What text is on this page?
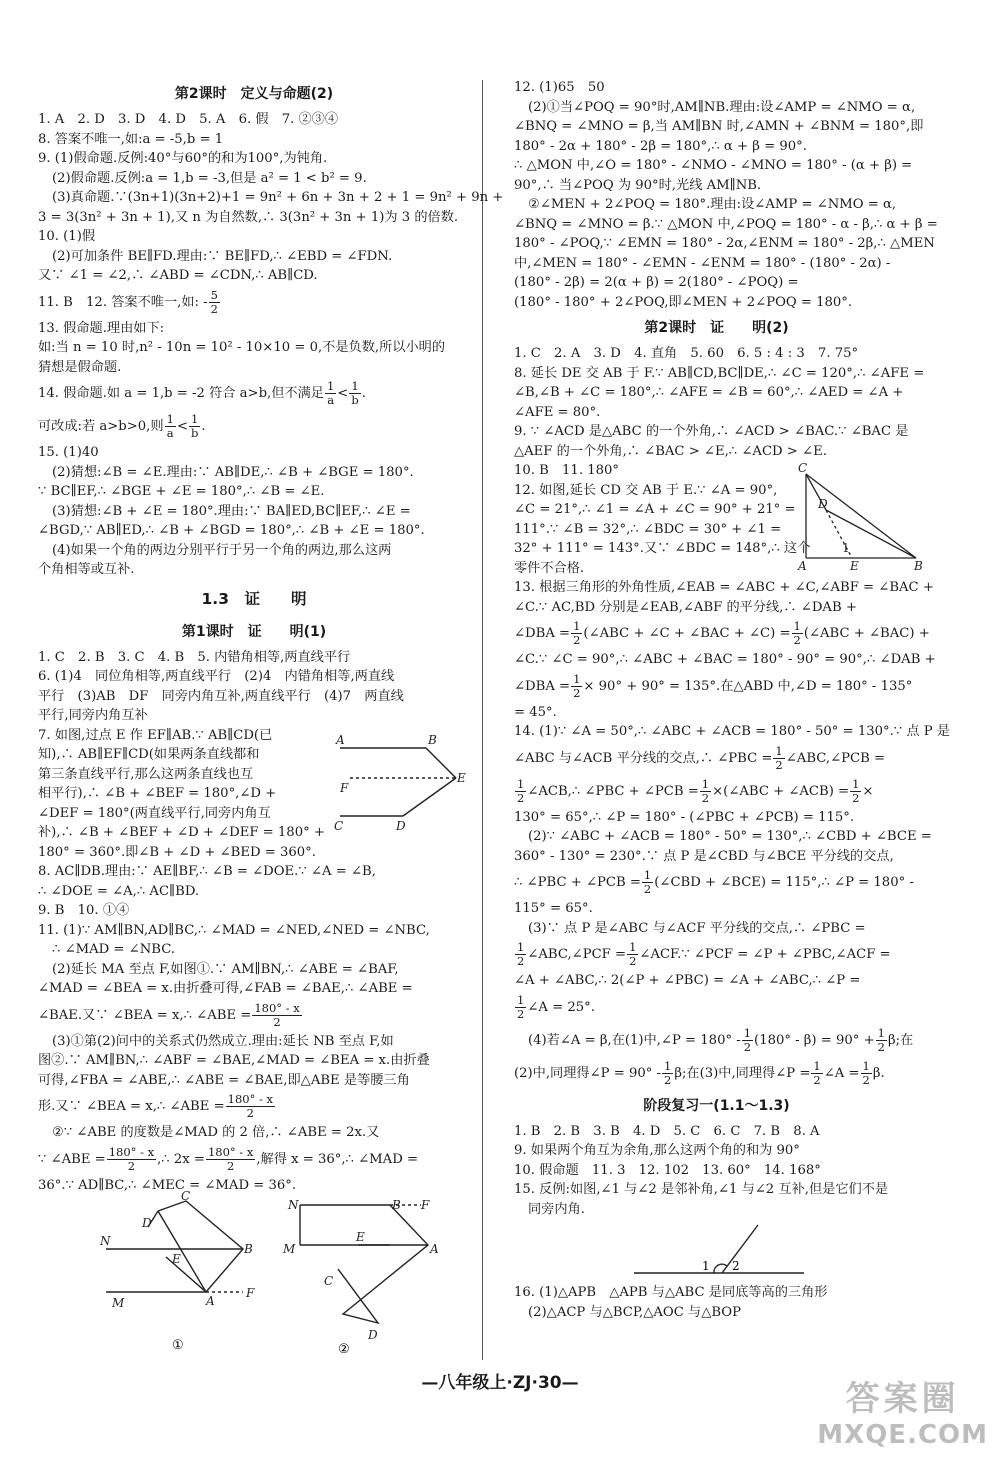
第2课时　定义与命题(2)
1. A　2. D　3. D　4. D　5. A　6. 假　7. ②③④
8. 答案不唯一,如:a = -5,b = 1
9. (1)假命题.反例:40°与60°的和为100°,为钝角.
(2)假命题.反例:a = 1,b = -3,但是 a² = 1 < b² = 9.
(3)真命题.∵(3n+1)(3n+2)+1 = 9n² + 6n + 3n + 2 + 1 = 9n² + 9n +
3 = 3(3n² + 3n + 1),又 n 为自然数,∴ 3(3n² + 3n + 1)为 3 的倍数.
10. (1)假
(2)可加条件 BE∥FD.理由:∵ BE∥FD,∴ ∠EBD = ∠FDN.
又∵ ∠1 = ∠2,∴ ∠ABD = ∠CDN,∴ AB∥CD.
11. B　12. 答案不唯一,如: - $\frac{5}{2}$
13. 假命题.理由如下:
如:当 n = 10 时,n² - 10n = 10² - 10×10 = 0,不是负数,所以小明的
猜想是假命题.
14. 假命题.如 a = 1,b = -2 符合 a>b,但不满足 $\frac{1}{a} < \frac{1}{b}$ .
可改成:若 a>b>0,则 $\frac{1}{a} < \frac{1}{b}$ .
15. (1)40
(2)猜想:∠B = ∠E.理由:∵ AB∥DE,∴ ∠B + ∠BGE = 180°.
∵ BC∥EF,∴ ∠BGE + ∠E = 180°,∴ ∠B = ∠E.
(3)猜想:∠B + ∠E = 180°.理由:∵ BA∥ED,BC∥EF,∴ ∠E =
∠BGD,∵ AB∥ED,∴ ∠B + ∠BGD = 180°,∴ ∠B + ∠E = 180°.
(4)如果一个角的两边分别平行于另一个角的两边,那么这两
个角相等或互补.
1.3　证　　明
第1课时　证　　明(1)
1. C　2. B　3. C　4. B　5. 内错角相等,两直线平行
6. (1)4　同位角相等,两直线平行　(2)4　内错角相等,两直线
平行　(3)AB　DF　同旁内角互补,两直线平行　(4)7　两直线
平行,同旁内角互补
7. 如图,过点 E 作 EF∥AB.∵ AB∥CD(已
知),∴ AB∥EF∥CD(如果两条直线都和
第三条直线平行,那么这两条直线也互
相平行),∴ ∠B + ∠BEF = 180°,∠D +
∠DEF = 180°(两直线平行,同旁内角互
补),∴ ∠B + ∠BEF + ∠D + ∠DEF = 180° +
180° = 360°.即∠B + ∠D + ∠BED = 360°.
8. AC∥DB.理由:∵ AE∥BF,∴ ∠B = ∠DOE.∵ ∠A = ∠B,
∴ ∠DOE = ∠A,∴ AC∥BD.
9. B　10. ①④
11. (1)∵ AM∥BN,AD∥BC,∴ ∠MAD = ∠NED,∠NED = ∠NBC,
∴ ∠MAD = ∠NBC.
(2)延长 MA 至点 F,如图①.∵ AM∥BN,∴ ∠ABE = ∠BAF,
∠MAD = ∠BEA = x.由折叠可得,∠FAB = ∠BAE,∴ ∠ABE =
∠BAE.又∵ ∠BEA = x,∴ ∠ABE = $\frac{180^\circ - x}{2}$
(3)①第(2)问中的关系式仍然成立.理由:延长 NB 至点 F,如
图②.∵ AM∥BN,∴ ∠ABF = ∠BAE,∠MAD = ∠BEA = x.由折叠
可得,∠FBA = ∠ABE,∴ ∠ABE = ∠BAE,即△ABE 是等腰三角
形.又∵ ∠BEA = x,∴ ∠ABE = $\frac{180^\circ - x}{2}$
②∵ ∠ABE 的度数是∠MAD 的 2 倍,∴ ∠ABE = 2x.又
∵ ∠ABE = $\frac{180^\circ - x}{2}$ ,∴ $2x = \frac{180^\circ - x}{2}$ ,解得 x = 36°,∴ ∠MAD =
36°.∵ AD∥BC,∴ ∠MEC = ∠MAD = 36°.
C
D
N
E
B
M	A
F
N	B F
M
E
A
C
D
①	②
A	B
E
F
C	D
12. (1)65　50
(2)①当∠POQ = 90°时,AM∥NB.理由:设∠AMP = ∠NMO = α,
∠BNQ = ∠MNO = β,当 AM∥BN 时,∠AMN + ∠BNM = 180°,即
180° - 2α + 180° - 2β = 180°,∴ α + β = 90°.
∴ △MON 中,∠O = 180° - ∠NMO - ∠MNO = 180° - (α + β) =
90°,∴ 当∠POQ 为 90°时,光线 AM∥NB.
②∠MEN + 2∠POQ = 180°.理由:设∠AMP = ∠NMO = α,
∠BNQ = ∠MNO = β.∵ △MON 中,∠POQ = 180° - α - β,∴ α + β =
180° - ∠POQ,∵ ∠EMN = 180° - 2α,∠ENM = 180° - 2β,∴ △MEN
中,∠MEN = 180° - ∠EMN - ∠ENM = 180° - (180° - 2α) -
(180° - 2β) = 2(α + β) = 2(180° - ∠POQ) =
(180° - 180° + 2∠POQ,即∠MEN + 2∠POQ = 180°.
第2课时　证　　明(2)
1. C　2. A　3. D　4. 直角　5. 60　6. 5 : 4 : 3　7. 75°
8. 延长 DE 交 AB 于 F.∵ AB∥CD,BC∥DE,∴ ∠C = 120°,∴ ∠AFE =
∠B,∠B + ∠C = 180°,∴ ∠AFE = ∠B = 60°,∴ ∠AED = ∠A +
∠AFE = 80°.
9. ∵ ∠ACD 是△ABC 的一个外角,∴ ∠ACD > ∠BAC.∵ ∠BAC 是
△AEF 的一个外角,∴ ∠BAC > ∠E,∴ ∠ACD > ∠E.
10. B　11. 180°
12. 如图,延长 CD 交 AB 于 E.∵ ∠A = 90°,
∠C = 21°,∴ ∠1 = ∠A + ∠C = 90° + 21° =
111°.∵ ∠B = 32°,∴ ∠BDC = 30° + ∠1 =
32° + 111° = 143°.又∵ ∠BDC = 148°,∴ 这个
零件不合格.
13. 根据三角形的外角性质,∠EAB = ∠ABC + ∠C,∠ABF = ∠BAC +
∠C.∵ AC,BD 分别是∠EAB,∠ABF 的平分线,∴ ∠DAB +
∠DBA = $\frac{1}{2}$ (∠ABC + ∠C + ∠BAC + ∠C) = $\frac{1}{2}$ (∠ABC + ∠BAC) +
∠C.∵ ∠C = 90°,∴ ∠ABC + ∠BAC = 180° - 90° = 90°,∴ ∠DAB +
∠DBA = $\frac{1}{2} \times 90^\circ + 90^\circ = 135^\circ$.在△ABD 中,∠D = 180° - 135°
= 45°.
14. (1)∵ ∠A = 50°,∴ ∠ABC + ∠ACB = 180° - 50° = 130°.∵ 点 P 是
∠ABC 与∠ACB 平分线的交点,∴ ∠PBC = $\frac{1}{2}$ ∠ABC,∠PCB =
$\frac{1}{2}$ ∠ACB,∴ ∠PBC + ∠PCB = $\frac{1}{2}$ ×(∠ABC + ∠ACB) = $\frac{1}{2}$ ×
130° = 65°,∴ ∠P = 180° - (∠PBC + ∠PCB) = 115°.
(2)∵ ∠ABC + ∠ACB = 180° - 50° = 130°,∴ ∠CBD + ∠BCE =
360° - 130° = 230°.∵ 点 P 是∠CBD 与∠BCE 平分线的交点,
∴ ∠PBC + ∠PCB = $\frac{1}{2}$ (∠CBD + ∠BCE) = 115°,∴ ∠P = 180° -
115° = 65°.
(3)∵ 点 P 是∠ABC 与∠ACF 平分线的交点,∴ ∠PBC =
$\frac{1}{2}$ ∠ABC,∠PCF = $\frac{1}{2}$ ∠ACF.∵ ∠PCF = ∠P + ∠PBC,∠ACF =
∠A + ∠ABC,∴ 2(∠P + ∠PBC) = ∠A + ∠ABC,∴ ∠P =
$\frac{1}{2}$ ∠A = 25°.
(4)若∠A = β,在(1)中,∠P = $180^\circ - \frac{1}{2} (180^\circ - \beta) = 90^\circ + \frac{1}{2} \beta$;在
(2)中,同理得∠P = $90^\circ - \frac{1}{2} \beta$;在(3)中,同理得∠P = $\frac{1}{2}$ ∠A = $\frac{1}{2} \beta$.
阶段复习一(1.1～1.3)
1. B　2. B　3. B　4. D　5. C　6. C　7. B　8. A
9. 如果两个角互为余角,那么这两个角的和为 90°
10. 假命题　11. 3　12. 102　13. 60°　14. 168°
15. 反例:如图,∠1 与∠2 是邻补角,∠1 与∠2 互补,但是它们不是
同旁内角.
1 2
16. (1)△APB　△APB 与△ABC 是同底等高的三角形
(2)△ACP 与△BCP,△AOC 与△BOP
C
D
1
A	E	B
—八年级上·ZJ·30—	答案圈
MXQE.COM
